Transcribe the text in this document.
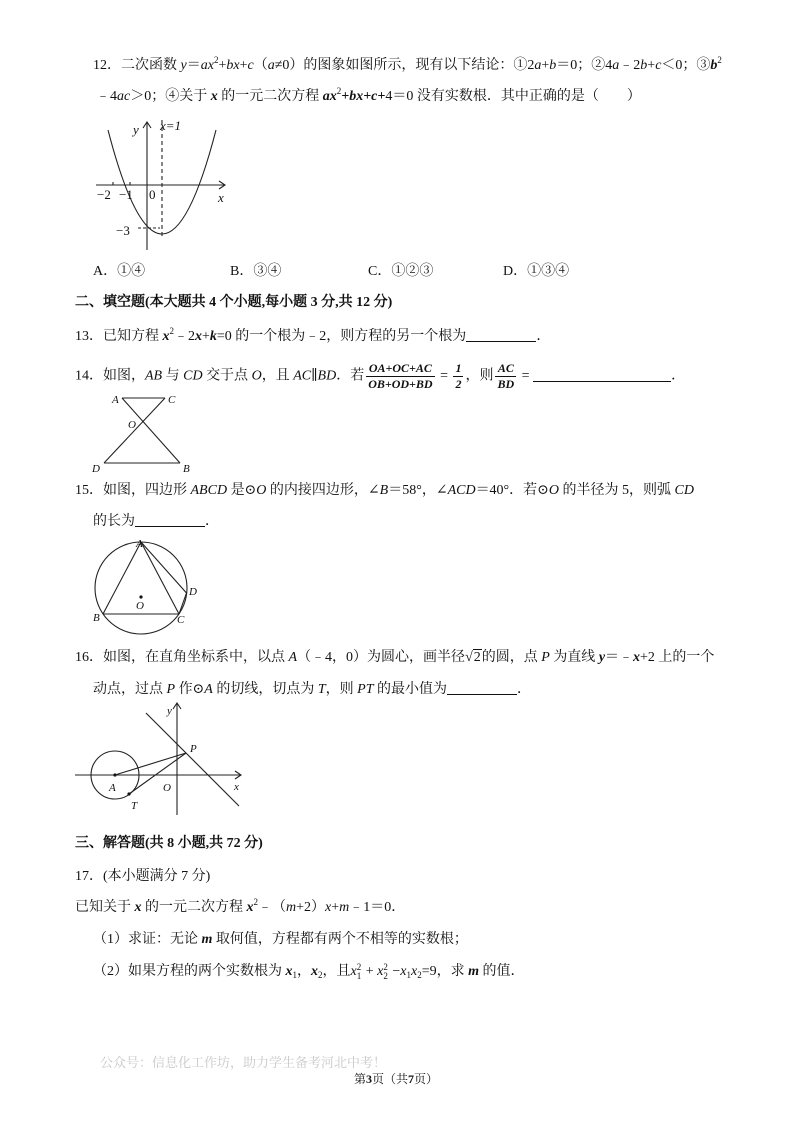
12．二次函数 $y=ax^2+bx+c(a\ne 0)$的图象如图所示，现有以下结论：①2a+b＝0；②4a﹣2b+c＜0；$③b^2$
﹣4ac＞0；④关于 x 的一元二次方程 $ax^2+bx+c+4=0$ 没有实数根．其中正确的是（　　）
y x=1
−2 −1 0	x
−3
A．①④	B．③④	C．①②③	D．①③④
二、填空题(本大题共 4 个小题,每小题 3 分,共 12 分)
13．已知方程 $x^2﹣2x+k=0$ 的一个根为﹣2，则方程的另一个根为	．
14．如图，AB 与 CD 交于点 O，且 AC∥BD．若 $\frac{OA+OC+AC}{OB+OD+BD} = \frac{1}{2}$ ，则 $\frac{AC}{BD}$ =	．
A	C
O
D	B
15．如图，四边形 ABCD 是⊙O 的内接四边形，∠B＝58°，∠ACD＝40°．若⊙O 的半径为 5，则弧 CD
的长为	．
A
D
O
B	C
16．如图，在直角坐标系中，以点 A（﹣4，0）为圆心，画半径√2的圆，点 P 为直线 y＝﹣x+2 上的一个
动点，过点 P 作⊙A 的切线，切点为 T，则 PT 的最小值为	．
y
P
A
T
O	x
三、解答题(共 8 小题,共 72 分)
17．(本小题满分 7 分)
已知关于 x 的一元二次方程 $x^2﹣(m+2)x+m﹣1=0$．
（1）求证：无论 m 取何值，方程都有两个不相等的实数根；
（2）如果方程的两个实数根为 $x_1$，$x_2$，且x 2
1 + x 2
$2 -x_1x_2=9$，求 m 的值．
公众号：信息化工作坊，助力学生备考河北中考！
第3页（共7页）
